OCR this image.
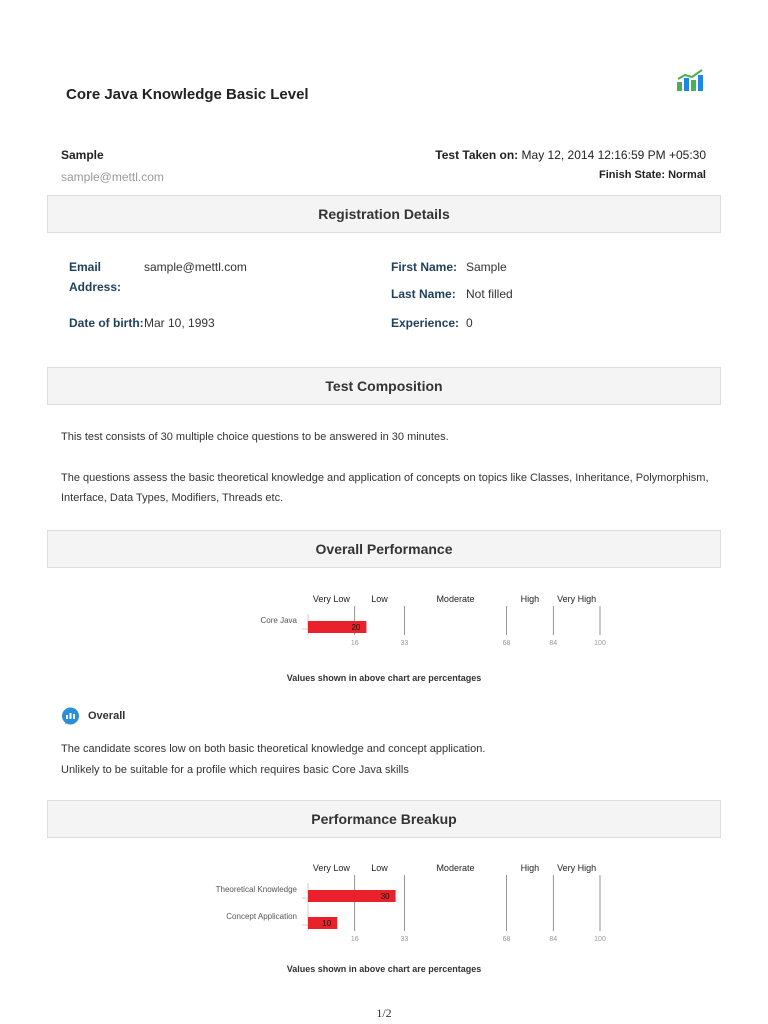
Core Java Knowledge Basic Level
Sample
sample@mettl.com
Test Taken on: May 12, 2014 12:16:59 PM +05:30
Finish State: Normal
Registration Details
Email	sample@mettl.com
Address:
Date of birth: Mar 10, 1993
First Name: Sample
Last Name: Not filled
Experience: 0
Test Composition
This test consists of 30 multiple choice questions to be answered in 30 minutes.
The questions assess the basic theoretical knowledge and application of concepts on topics like Classes, Inheritance, Polymorphism, Interface, Data Types, Modifiers, Threads etc.
Overall Performance
Very Low Low	Moderate	High Very High
16	33	68	84	100
Core Java
20
Values shown in above chart are percentages
Overall
The candidate scores low on both basic theoretical knowledge and concept application.
Unlikely to be suitable for a profile which requires basic Core Java skills
Performance Breakup
Very Low Low	Moderate	High Very High
16	33	68	84	100
Theoretical Knowledge
30
Concept Application
10
Values shown in above chart are percentages
1/2
